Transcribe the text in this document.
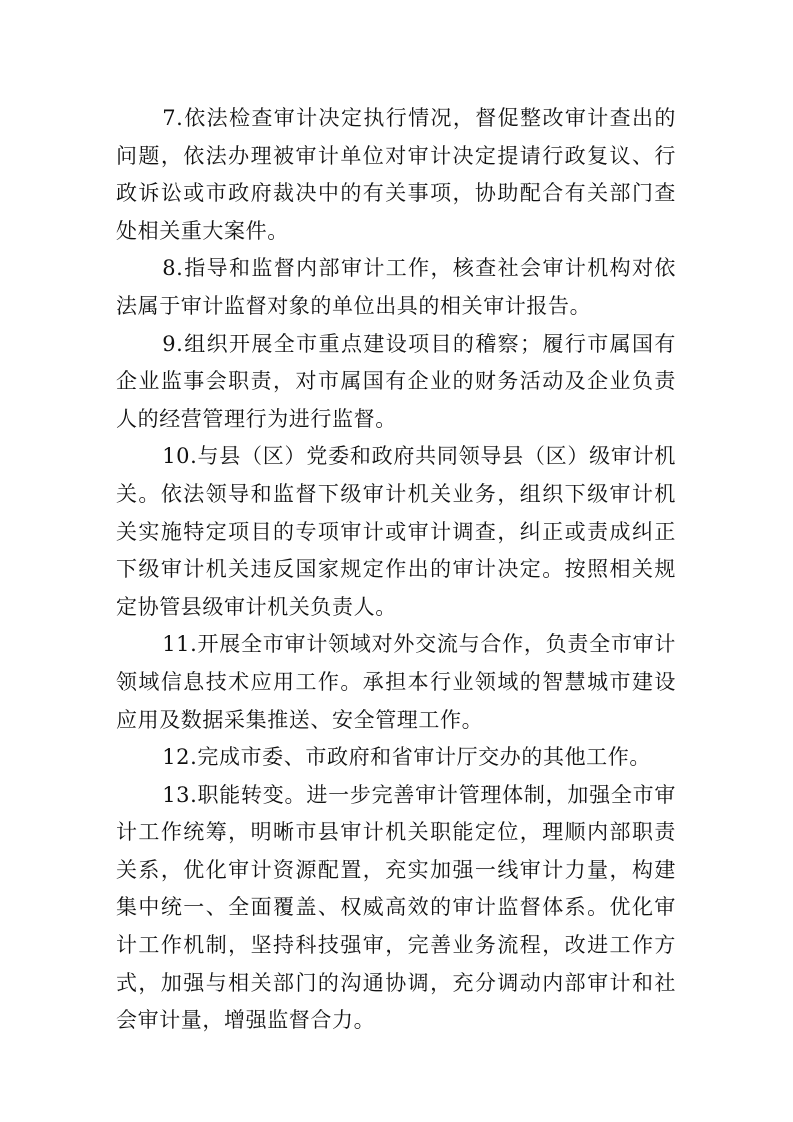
7.依法检查审计决定执行情况，督促整改审计查出的问题，依法办理被审计单位对审计决定提请行政复议、行政诉讼或市政府裁决中的有关事项，协助配合有关部门查处相关重大案件。

8.指导和监督内部审计工作，核查社会审计机构对依法属于审计监督对象的单位出具的相关审计报告。

9.组织开展全市重点建设项目的稽察；履行市属国有企业监事会职责，对市属国有企业的财务活动及企业负责人的经营管理行为进行监督。

10.与县（区）党委和政府共同领导县（区）级审计机关。依法领导和监督下级审计机关业务，组织下级审计机关实施特定项目的专项审计或审计调查，纠正或责成纠正下级审计机关违反国家规定作出的审计决定。按照相关规定协管县级审计机关负责人。

11.开展全市审计领域对外交流与合作，负责全市审计领域信息技术应用工作。承担本行业领域的智慧城市建设应用及数据采集推送、安全管理工作。

12.完成市委、市政府和省审计厅交办的其他工作。

13.职能转变。进一步完善审计管理体制，加强全市审计工作统筹，明晰市县审计机关职能定位，理顺内部职责关系，优化审计资源配置，充实加强一线审计力量，构建集中统一、全面覆盖、权威高效的审计监督体系。优化审计工作机制，坚持科技强审，完善业务流程，改进工作方式，加强与相关部门的沟通协调，充分调动内部审计和社会审计量，增强监督合力。
